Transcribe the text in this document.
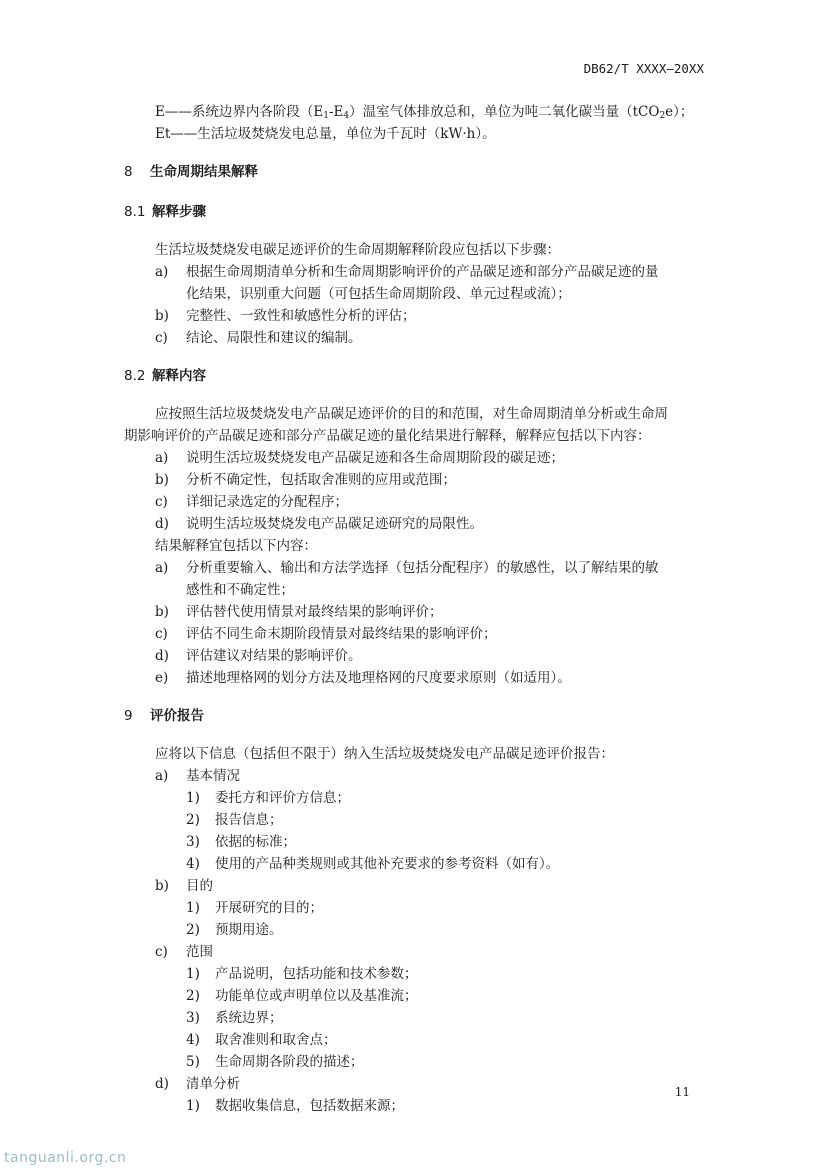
DB62/T XXXX—20XX
E——系统边界内各阶段$(E_1-E_4)$温室气体排放总和，单位为吨二氧化碳当量（tCO$_2$e）；
Et——生活垃圾焚烧发电总量，单位为千瓦时（kW·h）。
8 生命周期结果解释
8.1 解释步骤
生活垃圾焚烧发电碳足迹评价的生命周期解释阶段应包括以下步骤：
a) 根据生命周期清单分析和生命周期影响评价的产品碳足迹和部分产品碳足迹的量
化结果，识别重大问题（可包括生命周期阶段、单元过程或流）；
b) 完整性、一致性和敏感性分析的评估；
c) 结论、局限性和建议的编制。
8.2 解释内容
应按照生活垃圾焚烧发电产品碳足迹评价的目的和范围，对生命周期清单分析或生命周
期影响评价的产品碳足迹和部分产品碳足迹的量化结果进行解释，解释应包括以下内容：
a) 说明生活垃圾焚烧发电产品碳足迹和各生命周期阶段的碳足迹；
b) 分析不确定性，包括取舍准则的应用或范围；
c) 详细记录选定的分配程序；
d) 说明生活垃圾焚烧发电产品碳足迹研究的局限性。
结果解释宜包括以下内容：
a) 分析重要输入、输出和方法学选择（包括分配程序）的敏感性，以了解结果的敏
感性和不确定性；
b) 评估替代使用情景对最终结果的影响评价；
c) 评估不同生命末期阶段情景对最终结果的影响评价；
d) 评估建议对结果的影响评价。
e) 描述地理格网的划分方法及地理格网的尺度要求原则（如适用）。
9 评价报告
应将以下信息（包括但不限于）纳入生活垃圾焚烧发电产品碳足迹评价报告：
a) 基本情况
1) 委托方和评价方信息；
2) 报告信息；
3) 依据的标准；
4) 使用的产品种类规则或其他补充要求的参考资料（如有）。
b) 目的
1) 开展研究的目的；
2) 预期用途。
c) 范围
1) 产品说明，包括功能和技术参数；
2) 功能单位或声明单位以及基准流；
3) 系统边界；
4) 取舍准则和取舍点；
5) 生命周期各阶段的描述；
d) 清单分析
1) 数据收集信息，包括数据来源；
11
tanguanli.org.cn
